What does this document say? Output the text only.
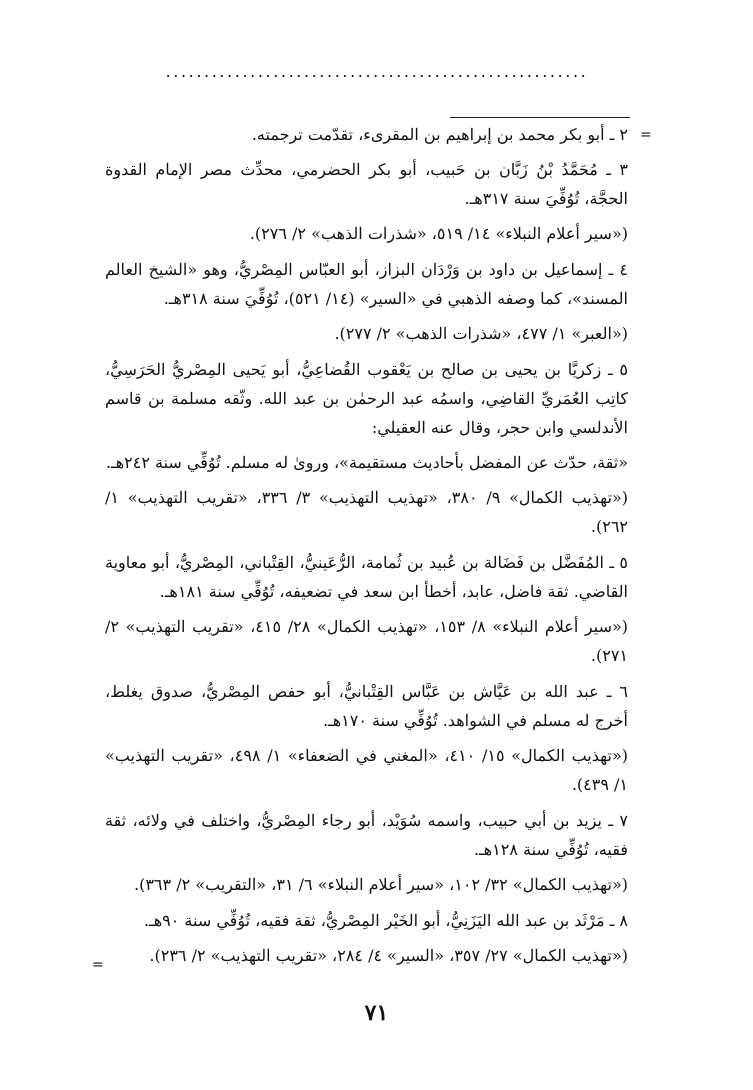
.......................................................
=
=

٢ ـ أبو بكر محمد بن إبراهيم بن المقرىء، تقدّمت ترجمته.

٣ ـ مُحَمَّدُ بْنُ زَبَّان بن حَبيب، أبو بكر الحضرمي، محدِّث مصر الإمام القدوة الحجَّة، تُوُفِّيَ سنة ٣١٧هـ.

(«سير أعلام النبلاء» ١٤/ ٥١٩، «شذرات الذهب» ٢/ ٢٧٦).

٤ ـ إسماعيل بن داود بن وَرْدَان البزاز، أبو العبّاس المِصْريُّ، وهو «الشيخ العالم المسند»، كما وصفه الذهبي في «السير» (١٤/ ٥٢١)، تُوُفِّيَ سنة ٣١٨هـ.

(«العبر» ١/ ٤٧٧، «شذرات الذهب» ٢/ ٢٧٧).

٥ ـ زكريَّا بن يحيى بن صالح بن يَعْقوب القُضاعِيُّ، أبو يَحيى المِصْريُّ الحَرَسِيُّ، كاتِب العُمَريِّ القاضِي، واسمُه عبد الرحمٰن بن عبد الله. وثّقه مسلمة بن قاسم الأندلسي وابن حجر، وقال عنه العقيلي:

«ثقة، حدّث عن المفضل بأحاديث مستقيمة»، وروىٰ له مسلم. تُوُفِّي سنة ٢٤٢هـ.

(«تهذيب الكمال» ٩/ ٣٨٠، «تهذيب التهذيب» ٣/ ٣٣٦، «تقريب التهذيب» ١/ ٢٦٢).

٥ ـ المُفَضَّل بن فَضَالة بن عُبيد بن ثُمامة، الرُّعَينيُّ، القِتْباني، المِصْريُّ، أبو معاوية القاضي. ثقة فاضل، عابد، أخطأ ابن سعد في تضعيفه، تُوُفِّي سنة ١٨١هـ.

(«سير أعلام النبلاء» ٨/ ١٥٣، «تهذيب الكمال» ٢٨/ ٤١٥، «تقريب التهذيب» ٢/ ٢٧١).

٦ ـ عبد الله بن عَيَّاش بن عَبَّاس القِتْبانيُّ، أبو حفص المِصْريُّ، صدوق يغلط، أخرج له مسلم في الشواهد. تُوُفِّي سنة ١٧٠هـ.

(«تهذيب الكمال» ١٥/ ٤١٠، «المغني في الضعفاء» ١/ ٤٩٨، «تقريب التهذيب» ١/ ٤٣٩).

٧ ـ يزيد بن أبي حبيب، واسمه سُوَيْد، أبو رجاء المِصْريُّ، واختلف في ولائه، ثقة فقيه، تُوُفِّي سنة ١٢٨هـ.

(«تهذيب الكمال» ٣٢/ ١٠٢، «سير أعلام النبلاء» ٦/ ٣١، «التقريب» ٢/ ٣٦٣).

٨ ـ مَرْثَد بن عبد الله اليَزَنِيُّ، أبو الخَيْر المِصْريُّ، ثقة فقيه، تُوُفِّي سنة ٩٠هـ.

(«تهذيب الكمال» ٢٧/ ٣٥٧، «السير» ٤/ ٢٨٤، «تقريب التهذيب» ٢/ ٢٣٦).

٧١
